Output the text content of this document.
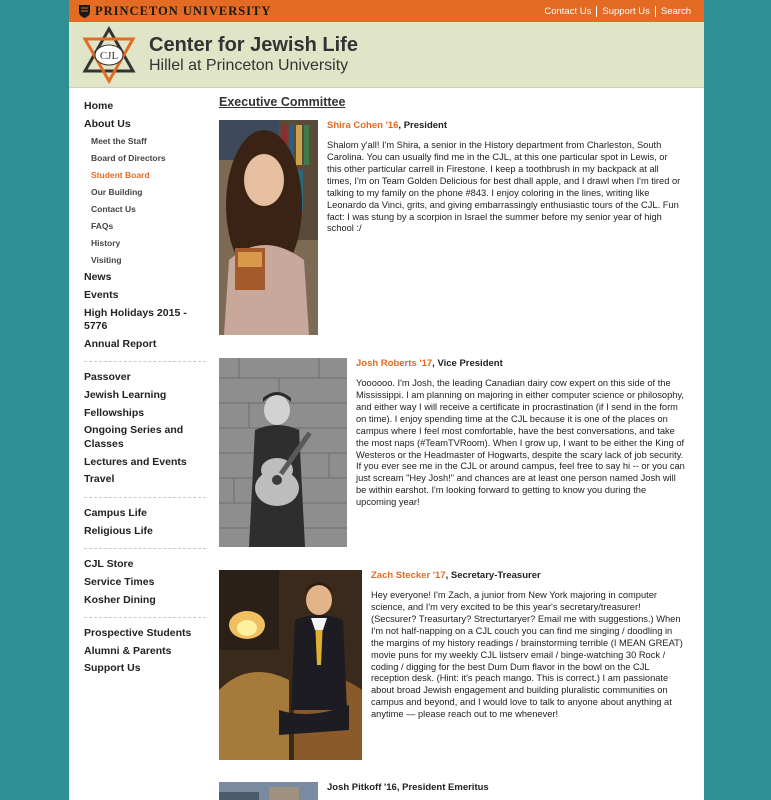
PRINCETON UNIVERSITY	Contact Us	Support Us	Search
CJL Center for Jewish Life
Hillel at Princeton University
Home
About Us
Meet the Staff
Board of Directors
Student Board
Our Building
Contact Us
FAQs
History
Visiting
News
Events
High Holidays 2015 - 5776
Annual Report
Passover
Jewish Learning
Fellowships
Ongoing Series and Classes
Lectures and Events
Travel
Campus Life
Religious Life
CJL Store
Service Times
Kosher Dining
Prospective Students
Alumni & Parents
Support Us
Executive Committee
Shira Cohen '16, President
Shalom y'all! I'm Shira, a senior in the History department from Charleston, South Carolina. You can usually find me in the CJL, at this one particular spot in Lewis, or this other particular carrell in Firestone. I keep a toothbrush in my backpack at all times, I'm on Team Golden Delicious for best dhall apple, and I drawl when I'm tired or talking to my family on the phone #843. I enjoy coloring in the lines, writing like Leonardo da Vinci, grits, and giving embarrassingly enthusiastic tours of the CJL. Fun fact: I was stung by a scorpion in Israel the summer before my senior year of high school :/
Josh Roberts '17, Vice President
Yoooooo. I'm Josh, the leading Canadian dairy cow expert on this side of the Mississippi. I am planning on majoring in either computer science or philosophy, and either way I will receive a certificate in procrastination (if I send in the form on time). I enjoy spending time at the CJL because it is one of the places on campus where I feel most comfortable, have the best conversations, and take the most naps (#TeamTVRoom). When I grow up, I want to be either the King of Westeros or the Headmaster of Hogwarts, despite the scary lack of job security. If you ever see me in the CJL or around campus, feel free to say hi -- or you can just scream "Hey Josh!" and chances are at least one person named Josh will be within earshot. I'm looking forward to getting to know you during the upcoming year!
Zach Stecker '17, Secretary-Treasurer
Hey everyone! I'm Zach, a junior from New York majoring in computer science, and I'm very excited to be this year's secretary/treasurer! (Secsurer? Treasurtary? Strecturtaryer? Email me with suggestions.) When I'm not half-napping on a CJL couch you can find me singing / doodling in the margins of my history readings / brainstorming terrible (I MEAN GREAT) movie puns for my weekly CJL listserv email / binge-watching 30 Rock / coding / digging for the best Dum Dum flavor in the bowl on the CJL reception desk. (Hint: it's peach mango. This is correct.) I am passionate about broad Jewish engagement and building pluralistic communities on campus and beyond, and I would love to talk to anyone about anything at anytime — please reach out to me whenever!
Josh Pitkoff '16, President Emeritus
